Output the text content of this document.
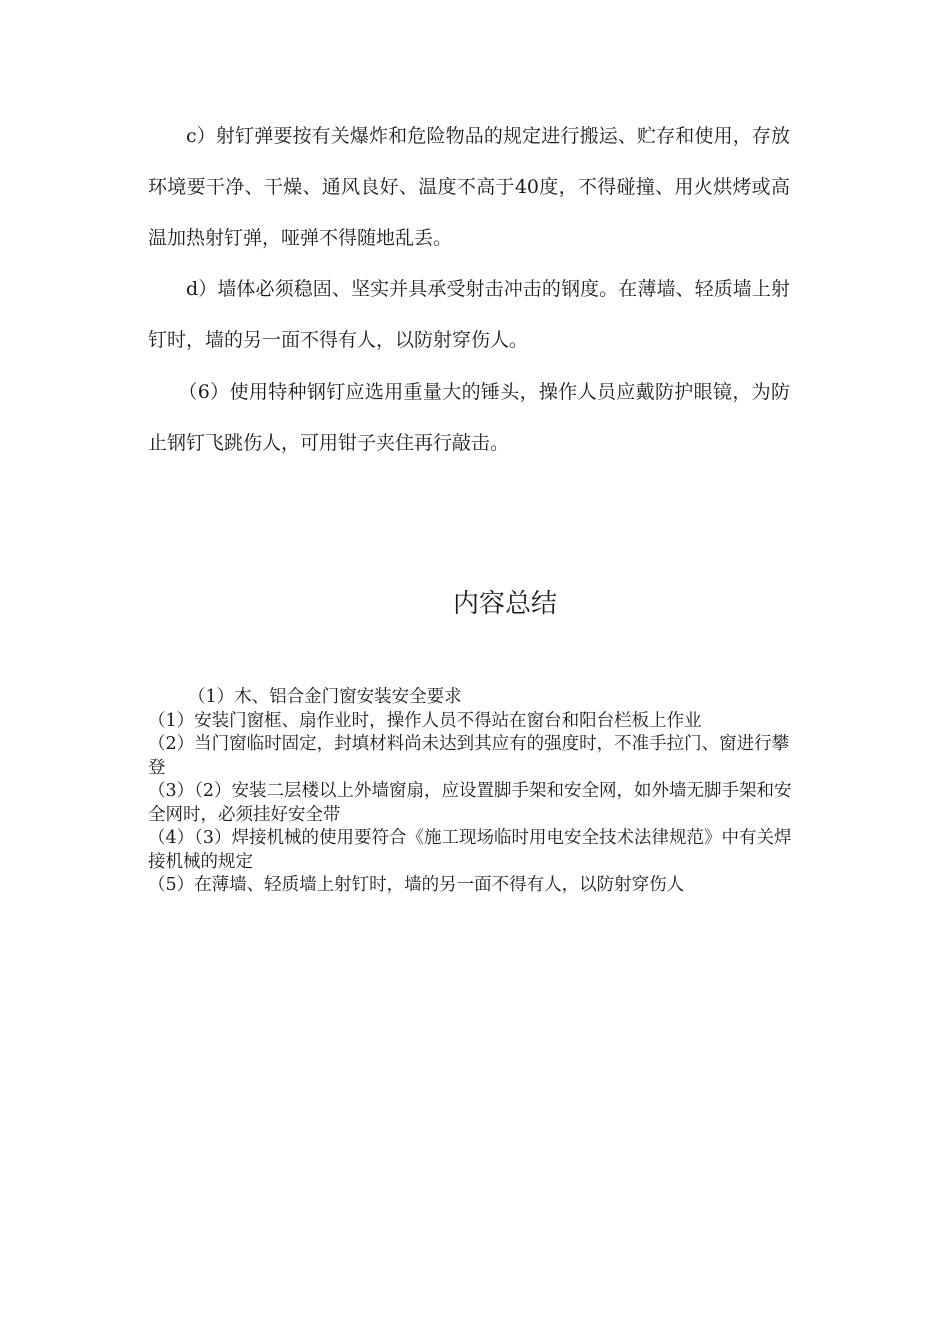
c）射钉弹要按有关爆炸和危险物品的规定进行搬运、贮存和使用，存放环境要干净、干燥、通风良好、温度不高于40度，不得碰撞、用火烘烤或高温加热射钉弹，哑弹不得随地乱丢。

d）墙体必须稳固、坚实并具承受射击冲击的钢度。在薄墙、轻质墙上射钉时，墙的另一面不得有人，以防射穿伤人。

（6）使用特种钢钉应选用重量大的锤头，操作人员应戴防护眼镜，为防止钢钉飞跳伤人，可用钳子夹住再行敲击。

内容总结

（1）木、铝合金门窗安装安全要求

（1）安装门窗框、扇作业时，操作人员不得站在窗台和阳台栏板上作业

（2）当门窗临时固定，封填材料尚未达到其应有的强度时，不准手拉门、窗进行攀登

（3）（2）安装二层楼以上外墙窗扇，应设置脚手架和安全网，如外墙无脚手架和安全网时，必须挂好安全带

（4）（3）焊接机械的使用要符合《施工现场临时用电安全技术法律规范》中有关焊接机械的规定

（5）在薄墙、轻质墙上射钉时，墙的另一面不得有人，以防射穿伤人
